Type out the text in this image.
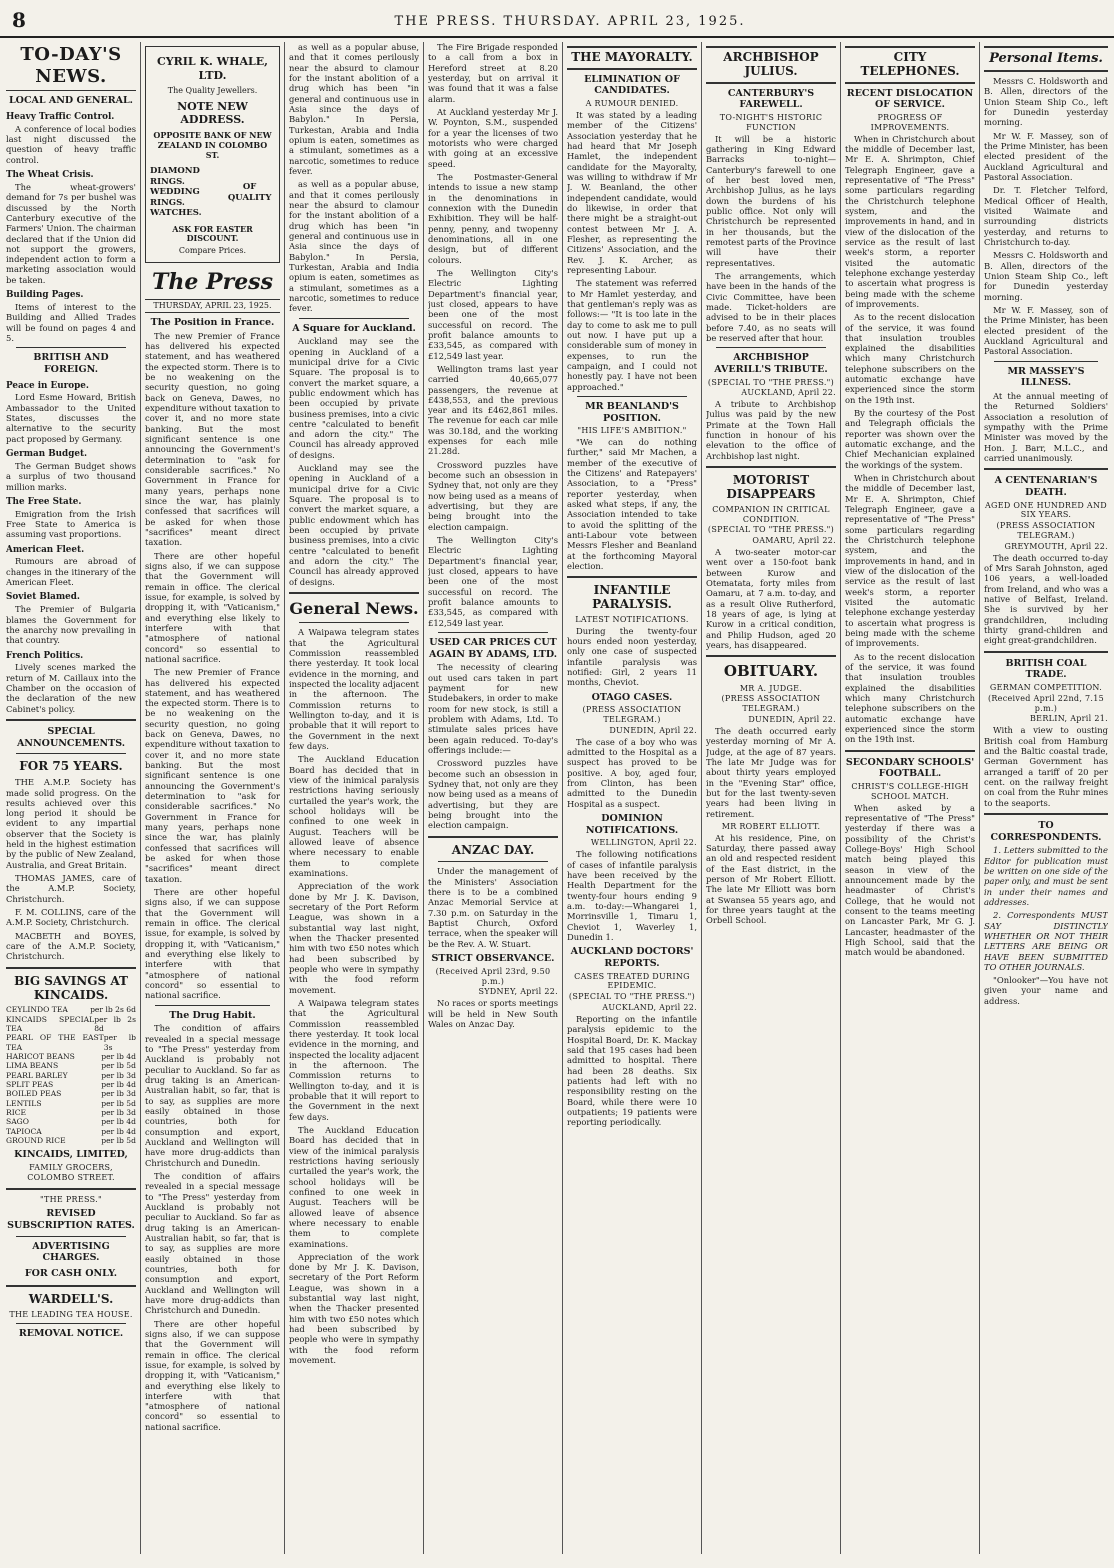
8	THE PRESS. THURSDAY. APRIL 23, 1925.
TO-DAY'S NEWS.
LOCAL AND GENERAL.
Heavy Traffic Control.

A conference of local bodies last night discussed the question of heavy traffic control.

The Wheat Crisis.

The wheat-growers' demand for 7s per bushel was discussed by the North Canterbury executive of the Farmers' Union. The chairman declared that if the Union did not support the growers, independent action to form a marketing association would be taken.

Building Pages.

Items of interest to the Building and Allied Trades will be found on pages 4 and 5.

BRITISH AND FOREIGN.
Peace in Europe.

Lord Esme Howard, British Ambassador to the United States, discusses the alternative to the security pact proposed by Germany.

German Budget.

The German Budget shows a surplus of two thousand million marks.

The Free State.

Emigration from the Irish Free State to America is assuming vast proportions.

American Fleet.

Rumours are abroad of changes in the itinerary of the American Fleet.

Soviet Blamed.

The Premier of Bulgaria blames the Government for the anarchy now prevailing in that country.

French Politics.

Lively scenes marked the return of M. Caillaux into the Chamber on the occasion of the declaration of the new Cabinet's policy.

SPECIAL ANNOUNCEMENTS.
FOR 75 YEARS.

THE A.M.P. Society has made solid progress. On the results achieved over this long period it should be evident to any impartial observer that the Society is held in the highest estimation by the public of New Zealand, Australia, and Great Britain.

THOMAS JAMES, care of the A.M.P. Society, Christchurch.

F. M. COLLINS, care of the A.M.P. Society, Christchurch.

MACBETH and BOYES, care of the A.M.P. Society, Christchurch.

BIG SAVINGS AT KINCAIDS.
CEYLINDO TEA	per lb 2s 6d
KINCAIDS SPECIAL TEA
per lb 2s 8d
PEARL OF THE EAST TEA
per lb 3s
HARICOT BEANS	per lb 4d
LIMA BEANS	per lb 5d
PEARL BARLEY	per lb 3d
SPLIT PEAS	per lb 4d
BOILED PEAS	per lb 3d
LENTILS	per lb 5d
RICE	per lb 3d
SAGO	per lb 4d
TAPIOCA	per lb 4d
GROUND RICE	per lb 5d
KINCAIDS, LIMITED,
FAMILY GROCERS, COLOMBO STREET.
"THE PRESS."
REVISED SUBSCRIPTION RATES.
ADVERTISING CHARGES.
FOR CASH ONLY.
WARDELL'S.
THE LEADING TEA HOUSE.
REMOVAL NOTICE.
CYRIL K. WHALE, LTD.
The Quality Jewellers.
NOTE NEW ADDRESS.
OPPOSITE BANK OF NEW ZEALAND IN COLOMBO ST.
DIAMOND RINGS.
WEDDING RINGS.
WATCHES.
OF QUALITY
ASK FOR EASTER DISCOUNT.
Compare Prices.
The Press
THURSDAY, APRIL 23, 1925.
The Position in France.

The new Premier of France has delivered his expected statement, and has weathered the expected storm. There is to be no weakening on the security question, no going back on Geneva, Dawes, no expenditure without taxation to cover it, and no more state banking. But the most significant sentence is one announcing the Government's determination to "ask for considerable sacrifices." No Government in France for many years, perhaps none since the war, has plainly confessed that sacrifices will be asked for when those "sacrifices" meant direct taxation.

There are other hopeful signs also, if we can suppose that the Government will remain in office. The clerical issue, for example, is solved by dropping it, with "Vaticanism," and everything else likely to interfere with that "atmosphere of national concord" so essential to national sacrifice.

The new Premier of France has delivered his expected statement, and has weathered the expected storm. There is to be no weakening on the security question, no going back on Geneva, Dawes, no expenditure without taxation to cover it, and no more state banking. But the most significant sentence is one announcing the Government's determination to "ask for considerable sacrifices." No Government in France for many years, perhaps none since the war, has plainly confessed that sacrifices will be asked for when those "sacrifices" meant direct taxation.

There are other hopeful signs also, if we can suppose that the Government will remain in office. The clerical issue, for example, is solved by dropping it, with "Vaticanism," and everything else likely to interfere with that "atmosphere of national concord" so essential to national sacrifice.

The Drug Habit.

The condition of affairs revealed in a special message to "The Press" yesterday from Auckland is probably not peculiar to Auckland. So far as drug taking is an American-Australian habit, so far, that is to say, as supplies are more easily obtained in those countries, both for consumption and export, Auckland and Wellington will have more drug-addicts than Christchurch and Dunedin.

The condition of affairs revealed in a special message to "The Press" yesterday from Auckland is probably not peculiar to Auckland. So far as drug taking is an American-Australian habit, so far, that is to say, as supplies are more easily obtained in those countries, both for consumption and export, Auckland and Wellington will have more drug-addicts than Christchurch and Dunedin.

There are other hopeful signs also, if we can suppose that the Government will remain in office. The clerical issue, for example, is solved by dropping it, with "Vaticanism," and everything else likely to interfere with that "atmosphere of national concord" so essential to national sacrifice.

as well as a popular abuse, and that it comes perilously near the absurd to clamour for the instant abolition of a drug which has been "in general and continuous use in Asia since the days of Babylon." In Persia, Turkestan, Arabia and India opium is eaten, sometimes as a stimulant, sometimes as a narcotic, sometimes to reduce fever.

as well as a popular abuse, and that it comes perilously near the absurd to clamour for the instant abolition of a drug which has been "in general and continuous use in Asia since the days of Babylon." In Persia, Turkestan, Arabia and India opium is eaten, sometimes as a stimulant, sometimes as a narcotic, sometimes to reduce fever.

A Square for Auckland.

Auckland may see the opening in Auckland of a municipal drive for a Civic Square. The proposal is to convert the market square, a public endowment which has been occupied by private business premises, into a civic centre "calculated to benefit and adorn the city." The Council has already approved of designs.

Auckland may see the opening in Auckland of a municipal drive for a Civic Square. The proposal is to convert the market square, a public endowment which has been occupied by private business premises, into a civic centre "calculated to benefit and adorn the city." The Council has already approved of designs.

General News.

A Waipawa telegram states that the Agricultural Commission reassembled there yesterday. It took local evidence in the morning, and inspected the locality adjacent in the afternoon. The Commission returns to Wellington to-day, and it is probable that it will report to the Government in the next few days.

The Auckland Education Board has decided that in view of the inimical paralysis restrictions having seriously curtailed the year's work, the school holidays will be confined to one week in August. Teachers will be allowed leave of absence where necessary to enable them to complete examinations.

Appreciation of the work done by Mr J. K. Davison, secretary of the Port Reform League, was shown in a substantial way last night, when the Thacker presented him with two £50 notes which had been subscribed by people who were in sympathy with the food reform movement.

A Waipawa telegram states that the Agricultural Commission reassembled there yesterday. It took local evidence in the morning, and inspected the locality adjacent in the afternoon. The Commission returns to Wellington to-day, and it is probable that it will report to the Government in the next few days.

The Auckland Education Board has decided that in view of the inimical paralysis restrictions having seriously curtailed the year's work, the school holidays will be confined to one week in August. Teachers will be allowed leave of absence where necessary to enable them to complete examinations.

Appreciation of the work done by Mr J. K. Davison, secretary of the Port Reform League, was shown in a substantial way last night, when the Thacker presented him with two £50 notes which had been subscribed by people who were in sympathy with the food reform movement.

The Fire Brigade responded to a call from a box in Hereford street at 8.20 yesterday, but on arrival it was found that it was a false alarm.

At Auckland yesterday Mr J. W. Poynton, S.M., suspended for a year the licenses of two motorists who were charged with going at an excessive speed.

The Postmaster-General intends to issue a new stamp in the denominations in connexion with the Dunedin Exhibition. They will be half-penny, penny, and twopenny denominations, all in one design, but of different colours.

The Wellington City's Electric Lighting Department's financial year, just closed, appears to have been one of the most successful on record. The profit balance amounts to £33,545, as compared with £12,549 last year.

Wellington trams last year carried 40,665,077 passengers, the revenue at £438,553, and the previous year and its £462,861 miles. The revenue for each car mile was 30.18d, and the working expenses for each mile 21.28d.

Crossword puzzles have become such an obsession in Sydney that, not only are they now being used as a means of advertising, but they are being brought into the election campaign.

The Wellington City's Electric Lighting Department's financial year, just closed, appears to have been one of the most successful on record. The profit balance amounts to £33,545, as compared with £12,549 last year.

USED CAR PRICES CUT AGAIN BY ADAMS, LTD.

The necessity of clearing out used cars taken in part payment for new Studebakers, in order to make room for new stock, is still a problem with Adams, Ltd. To stimulate sales prices have been again reduced. To-day's offerings include:—

Crossword puzzles have become such an obsession in Sydney that, not only are they now being used as a means of advertising, but they are being brought into the election campaign.

ANZAC DAY.

Under the management of the Ministers' Association there is to be a combined Anzac Memorial Service at 7.30 p.m. on Saturday in the Baptist Church, Oxford terrace, when the speaker will be the Rev. A. W. Stuart.

STRICT OBSERVANCE.
(Received April 23rd, 9.50 p.m.)
SYDNEY, April 22.

No races or sports meetings will be held in New South Wales on Anzac Day.

THE MAYORALTY.
ELIMINATION OF CANDIDATES.
A RUMOUR DENIED.

It was stated by a leading member of the Citizens' Association yesterday that he had heard that Mr Joseph Hamlet, the independent candidate for the Mayoralty, was willing to withdraw if Mr J. W. Beanland, the other independent candidate, would do likewise, in order that there might be a straight-out contest between Mr J. A. Flesher, as representing the Citizens' Association, and the Rev. J. K. Archer, as representing Labour.

The statement was referred to Mr Hamlet yesterday, and that gentleman's reply was as follows:— "It is too late in the day to come to ask me to pull out now. I have put up a considerable sum of money in expenses, to run the campaign, and I could not honestly pay. I have not been approached."

MR BEANLAND'S POSITION.
"HIS LIFE'S AMBITION."

"We can do nothing further," said Mr Machen, a member of the executive of the Citizens' and Ratepayers' Association, to a "Press" reporter yesterday, when asked what steps, if any, the Association intended to take to avoid the splitting of the anti-Labour vote between Messrs Flesher and Beanland at the forthcoming Mayoral election.

INFANTILE PARALYSIS.
LATEST NOTIFICATIONS.

During the twenty-four hours ended noon yesterday, only one case of suspected infantile paralysis was notified: Girl, 2 years 11 months, Cheviot.

OTAGO CASES.
(PRESS ASSOCIATION TELEGRAM.)
DUNEDIN, April 22.

The case of a boy who was admitted to the Hospital as a suspect has proved to be positive. A boy, aged four, from Clinton, has been admitted to the Dunedin Hospital as a suspect.

DOMINION NOTIFICATIONS.
WELLINGTON, April 22.

The following notifications of cases of infantile paralysis have been received by the Health Department for the twenty-four hours ending 9 a.m. to-day:—Whangarei 1, Morrinsville 1, Timaru 1, Cheviot 1, Waverley 1, Dunedin 1.

AUCKLAND DOCTORS' REPORTS.
CASES TREATED DURING EPIDEMIC.
(SPECIAL TO "THE PRESS.")
AUCKLAND, April 22.

Reporting on the infantile paralysis epidemic to the Hospital Board, Dr. K. Mackay said that 195 cases had been admitted to hospital. There had been 28 deaths. Six patients had left with no responsibility resting on the Board, while there were 10 outpatients; 19 patients were reporting periodically.

ARCHBISHOP JULIUS.
CANTERBURY'S FAREWELL.
TO-NIGHT'S HISTORIC FUNCTION

It will be a historic gathering in King Edward Barracks to-night—Canterbury's farewell to one of her best loved men, Archbishop Julius, as he lays down the burdens of his public office. Not only will Christchurch be represented in her thousands, but the remotest parts of the Province will have their representatives.

The arrangements, which have been in the hands of the Civic Committee, have been made. Ticket-holders are advised to be in their places before 7.40, as no seats will be reserved after that hour.

ARCHBISHOP AVERILL'S TRIBUTE.
(SPECIAL TO "THE PRESS.")
AUCKLAND, April 22.

A tribute to Archbishop Julius was paid by the new Primate at the Town Hall function in honour of his elevation to the office of Archbishop last night.

MOTORIST DISAPPEARS
COMPANION IN CRITICAL CONDITION.
(SPECIAL TO "THE PRESS.")
OAMARU, April 22.

A two-seater motor-car went over a 150-foot bank between Kurow and Otematata, forty miles from Oamaru, at 7 a.m. to-day, and as a result Olive Rutherford, 18 years of age, is lying at Kurow in a critical condition, and Philip Hudson, aged 20 years, has disappeared.

OBITUARY.
MR A. JUDGE.
(PRESS ASSOCIATION TELEGRAM.)
DUNEDIN, April 22.

The death occurred early yesterday morning of Mr A. Judge, at the age of 87 years. The late Mr Judge was for about thirty years employed in the "Evening Star" office, but for the last twenty-seven years had been living in retirement.

MR ROBERT ELLIOTT.

At his residence, Pine, on Saturday, there passed away an old and respected resident of the East district, in the person of Mr Robert Elliott. The late Mr Elliott was born at Swansea 55 years ago, and for three years taught at the Orbell School.

CITY TELEPHONES.
RECENT DISLOCATION OF SERVICE.
PROGRESS OF IMPROVEMENTS.

When in Christchurch about the middle of December last, Mr E. A. Shrimpton, Chief Telegraph Engineer, gave a representative of "The Press" some particulars regarding the Christchurch telephone system, and the improvements in hand, and in view of the dislocation of the service as the result of last week's storm, a reporter visited the automatic telephone exchange yesterday to ascertain what progress is being made with the scheme of improvements.

As to the recent dislocation of the service, it was found that insulation troubles explained the disabilities which many Christchurch telephone subscribers on the automatic exchange have experienced since the storm on the 19th inst.

By the courtesy of the Post and Telegraph officials the reporter was shown over the automatic exchange, and the Chief Mechanician explained the workings of the system.

When in Christchurch about the middle of December last, Mr E. A. Shrimpton, Chief Telegraph Engineer, gave a representative of "The Press" some particulars regarding the Christchurch telephone system, and the improvements in hand, and in view of the dislocation of the service as the result of last week's storm, a reporter visited the automatic telephone exchange yesterday to ascertain what progress is being made with the scheme of improvements.

As to the recent dislocation of the service, it was found that insulation troubles explained the disabilities which many Christchurch telephone subscribers on the automatic exchange have experienced since the storm on the 19th inst.

SECONDARY SCHOOLS' FOOTBALL.
CHRIST'S COLLEGE-HIGH SCHOOL MATCH.

When asked by a representative of "The Press" yesterday if there was a possibility of the Christ's College-Boys' High School match being played this season in view of the announcement made by the headmaster of Christ's College, that he would not consent to the teams meeting on Lancaster Park, Mr G. J. Lancaster, headmaster of the High School, said that the match would be abandoned.

Personal Items.

Messrs C. Holdsworth and B. Allen, directors of the Union Steam Ship Co., left for Dunedin yesterday morning.

Mr W. F. Massey, son of the Prime Minister, has been elected president of the Auckland Agricultural and Pastoral Association.

Dr. T. Fletcher Telford, Medical Officer of Health, visited Waimate and surrounding districts yesterday, and returns to Christchurch to-day.

Messrs C. Holdsworth and B. Allen, directors of the Union Steam Ship Co., left for Dunedin yesterday morning.

Mr W. F. Massey, son of the Prime Minister, has been elected president of the Auckland Agricultural and Pastoral Association.

MR MASSEY'S ILLNESS.

At the annual meeting of the Returned Soldiers' Association a resolution of sympathy with the Prime Minister was moved by the Hon. J. Barr, M.L.C., and carried unanimously.

A CENTENARIAN'S DEATH.
AGED ONE HUNDRED AND SIX YEARS.
(PRESS ASSOCIATION TELEGRAM.)
GREYMOUTH, April 22.

The death occurred to-day of Mrs Sarah Johnston, aged 106 years, a well-loaded from Ireland, and who was a native of Belfast, Ireland. She is survived by her grandchildren, including thirty grand-children and eight great-grandchildren.

BRITISH COAL TRADE.
GERMAN COMPETITION.
(Received April 22nd, 7.15 p.m.)
BERLIN, April 21.

With a view to ousting British coal from Hamburg and the Baltic coastal trade, German Government has arranged a tariff of 20 per cent. on the railway freight on coal from the Ruhr mines to the seaports.

TO CORRESPONDENTS.

1. Letters submitted to the Editor for publication must be written on one side of the paper only, and must be sent in under their names and addresses.

2. Correspondents MUST SAY DISTINCTLY WHETHER OR NOT THEIR LETTERS ARE BEING OR HAVE BEEN SUBMITTED TO OTHER JOURNALS.

"Onlooker"—You have not given your name and address.
